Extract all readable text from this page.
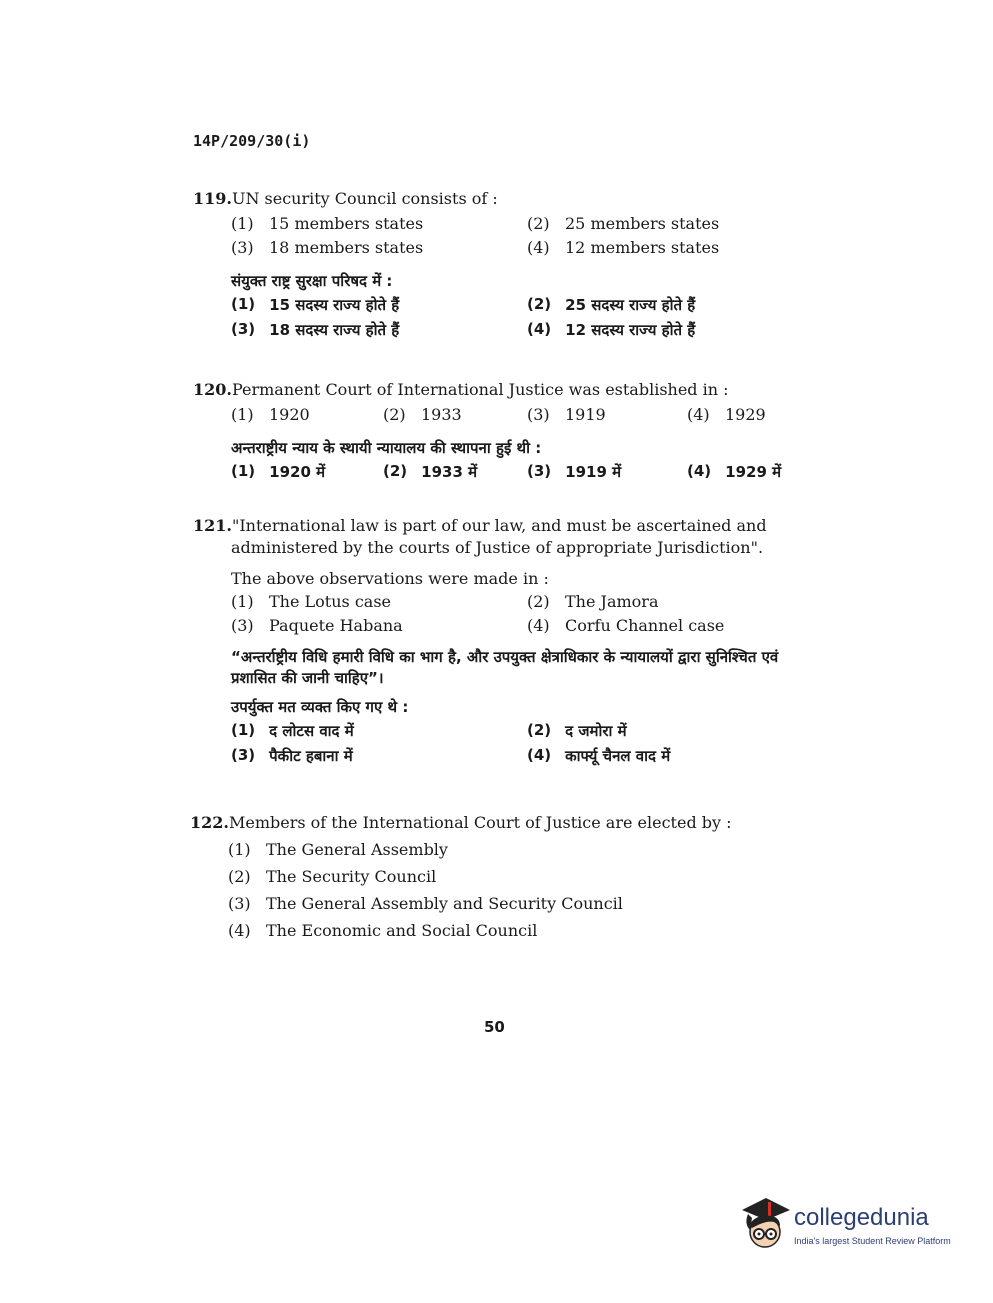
14P/209/30(i)
119.UN security Council consists of :
(1) 15 members states	(2) 25 members states
(3) 18 members states	(4) 12 members states
संयुक्त राष्ट्र सुरक्षा परिषद में :
(1) 15 सदस्य राज्य होते हैं	(2) 25 सदस्य राज्य होते हैं
(3) 18 सदस्य राज्य होते हैं	(4) 12 सदस्य राज्य होते हैं
120.Permanent Court of International Justice was established in :
(1) 1920	(2) 1933	(3) 1919	(4) 1929
अन्तराष्ट्रीय न्याय के स्थायी न्यायालय की स्थापना हुई थी :
(1) 1920 में	(2) 1933 में	(3) 1919 में	(4) 1929 में
121."International law is part of our law, and must be ascertained and administered by the courts of Justice of appropriate Jurisdiction".
The above observations were made in :
(1) The Lotus case	(2) The Jamora
(3) Paquete Habana	(4) Corfu Channel case
“अन्तर्राष्ट्रीय विधि हमारी विधि का भाग है, और उपयुक्त क्षेत्राधिकार के न्यायालयों द्वारा सुनिश्चित एवं प्रशासित की जानी चाहिए”।
उपर्युक्त मत व्यक्त किए गए थे :
(1) द लोटस वाद में	(2) द जमोरा में
(3) पैकीट हबाना में	(4) कार्फ्यू चैनल वाद में
122.Members of the International Court of Justice are elected by :
(1) The General Assembly
(2) The Security Council
(3) The General Assembly and Security Council
(4) The Economic and Social Council
50
collegedunia
India's largest Student Review Platform
